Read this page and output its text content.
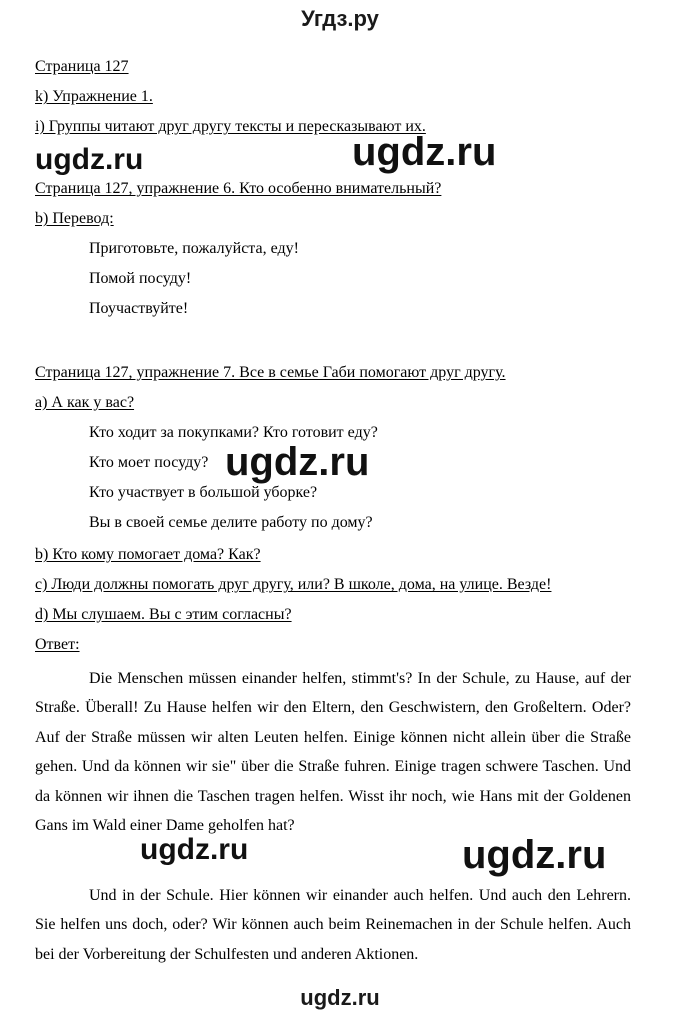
Угдз.ру
Страница 127
k) Упражнение 1.
i) Группы читают друг другу тексты и пересказывают их.
Страница 127, упражнение 6. Кто особенно внимательный?
b) Перевод:
Приготовьте, пожалуйста, еду!
Помой посуду!
Поучаствуйте!
Страница 127, упражнение 7. Все в семье Габи помогают друг другу.
a) А как у вас?
Кто ходит за покупками? Кто готовит еду?
Кто моет посуду?
Кто участвует в большой уборке?
Вы в своей семье делите работу по дому?
b) Кто кому помогает дома? Как?
c) Люди должны помогать друг другу, или? В школе, дома, на улице. Везде!
d) Мы слушаем. Вы с этим согласны?
Ответ:

Die Menschen müssen einander helfen, stimmt's? In der Schule, zu Hause, auf der Straße. Überall! Zu Hause helfen wir den Eltern, den Geschwistern, den Großeltern. Oder? Auf der Straße müssen wir alten Leuten helfen. Einige können nicht allein über die Straße gehen. Und da können wir sie" über die Straße fuhren. Einige tragen schwere Taschen. Und da können wir ihnen die Taschen tragen helfen. Wisst ihr noch, wie Hans mit der Goldenen Gans im Wald einer Dame geholfen hat?

Und in der Schule. Hier können wir einander auch helfen. Und auch den Lehrern. Sie helfen uns doch, oder? Wir können auch beim Reinemachen in der Schule helfen. Auch bei der Vorbereitung der Schulfesten und anderen Aktionen.

ugdz.ru	ugdz.ru
ugdz.ru
ugdz.ru	ugdz.ru
ugdz.ru
